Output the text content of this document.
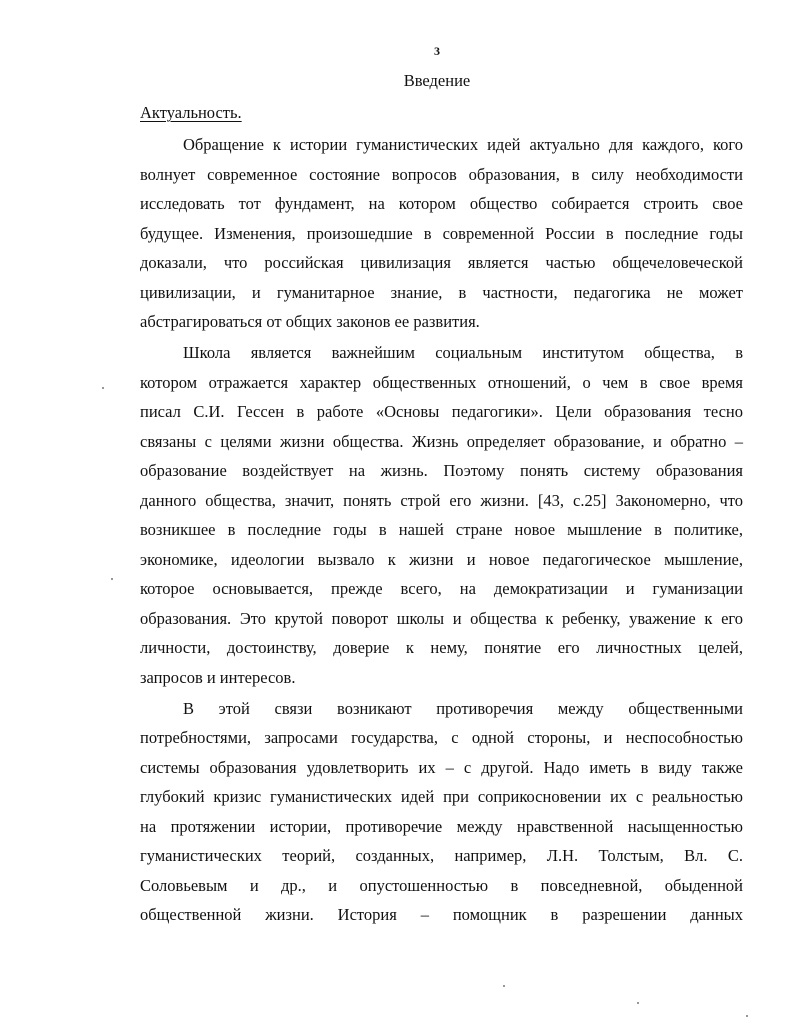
3
Введение
Актуальность.
Обращение к истории гуманистических идей актуально для каждого, кого
волнует современное состояние вопросов образования, в силу необходимости
исследовать тот фундамент, на котором общество собирается строить свое
будущее. Изменения, произошедшие в современной России в последние годы
доказали, что российская цивилизация является частью общечеловеческой
цивилизации, и гуманитарное знание, в частности, педагогика не может
абстрагироваться от общих законов ее развития.
Школа является важнейшим социальным институтом общества, в
котором отражается характер общественных отношений, о чем в свое время
писал С.И. Гессен в работе «Основы педагогики». Цели образования тесно
связаны с целями жизни общества. Жизнь определяет образование, и обратно –
образование воздействует на жизнь. Поэтому понять систему образования
данного общества, значит, понять строй его жизни. [43, с.25] Закономерно, что
возникшее в последние годы в нашей стране новое мышление в политике,
экономике, идеологии вызвало к жизни и новое педагогическое мышление,
которое основывается, прежде всего, на демократизации и гуманизации
образования. Это крутой поворот школы и общества к ребенку, уважение к его
личности, достоинству, доверие к нему, понятие его личностных целей,
запросов и интересов.
В этой связи возникают противоречия между общественными
потребностями, запросами государства, с одной стороны, и неспособностью
системы образования удовлетворить их – с другой. Надо иметь в виду также
глубокий кризис гуманистических идей при соприкосновении их с реальностью
на протяжении истории, противоречие между нравственной насыщенностью
гуманистических теорий, созданных, например, Л.Н. Толстым, Вл. С.
Соловьевым и др., и опустошенностью в повседневной, обыденной
общественной жизни. История – помощник в разрешении данных
